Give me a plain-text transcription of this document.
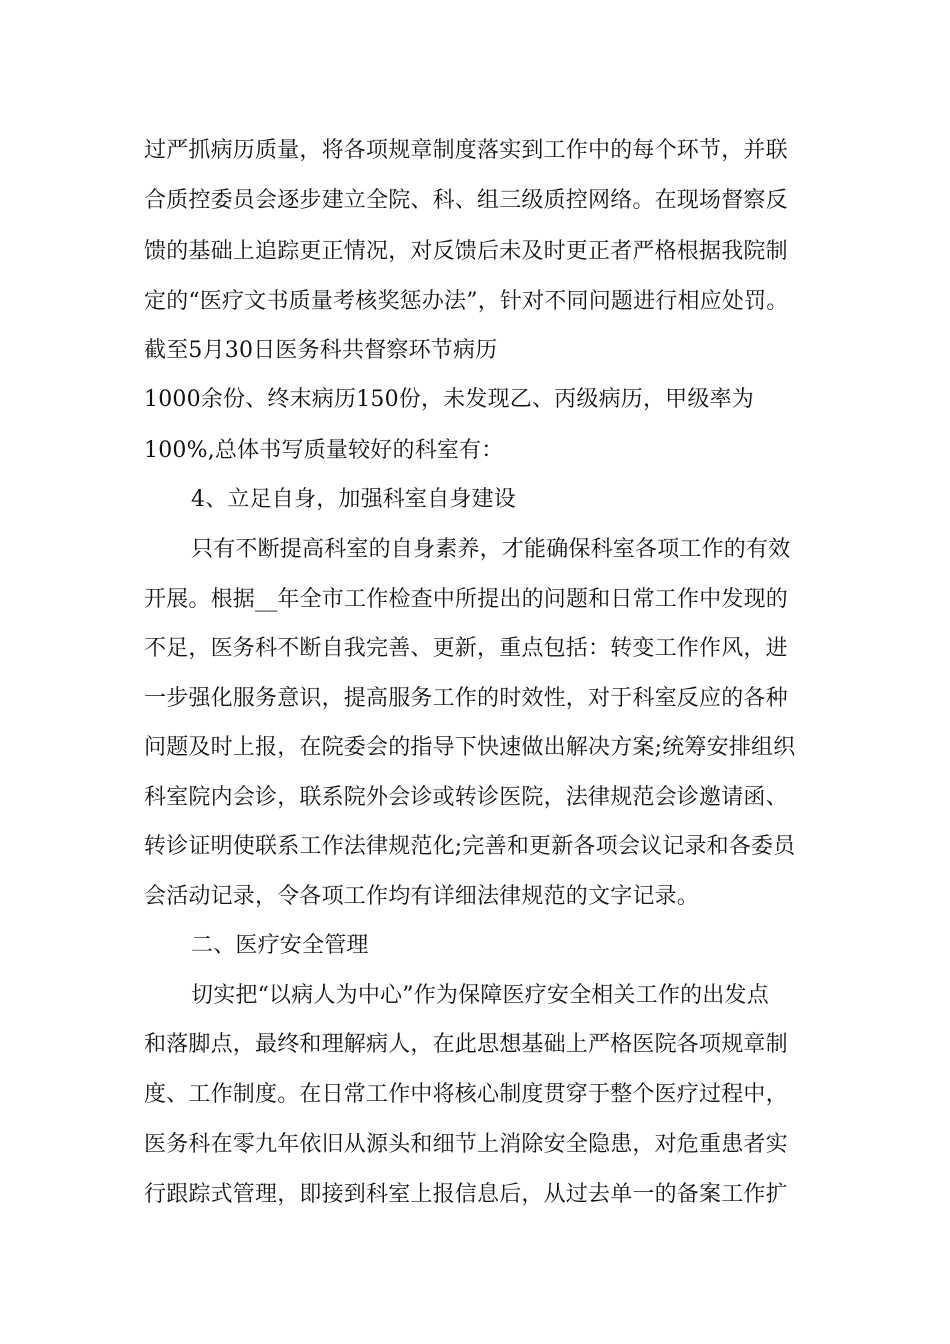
过严抓病历质量，将各项规章制度落实到工作中的每个环节，并联
合质控委员会逐步建立全院、科、组三级质控网络。在现场督察反
馈的基础上追踪更正情况，对反馈后未及时更正者严格根据我院制
定的“医疗文书质量考核奖惩办法”，针对不同问题进行相应处罚。
截至5月30日医务科共督察环节病历
1000余份、终末病历150份，未发现乙、丙级病历，甲级率为
100%,总体书写质量较好的科室有：
4、立足自身，加强科室自身建设
只有不断提高科室的自身素养，才能确保科室各项工作的有效
开展。根据__年全市工作检查中所提出的问题和日常工作中发现的
不足，医务科不断自我完善、更新，重点包括：转变工作作风，进
一步强化服务意识，提高服务工作的时效性，对于科室反应的各种
问题及时上报，在院委会的指导下快速做出解决方案;统筹安排组织
科室院内会诊，联系院外会诊或转诊医院，法律规范会诊邀请函、
转诊证明使联系工作法律规范化;完善和更新各项会议记录和各委员
会活动记录，令各项工作均有详细法律规范的文字记录。
二、医疗安全管理
切实把“以病人为中心”作为保障医疗安全相关工作的出发点
和落脚点，最终和理解病人，在此思想基础上严格医院各项规章制
度、工作制度。在日常工作中将核心制度贯穿于整个医疗过程中，
医务科在零九年依旧从源头和细节上消除安全隐患，对危重患者实
行跟踪式管理，即接到科室上报信息后，从过去单一的备案工作扩
